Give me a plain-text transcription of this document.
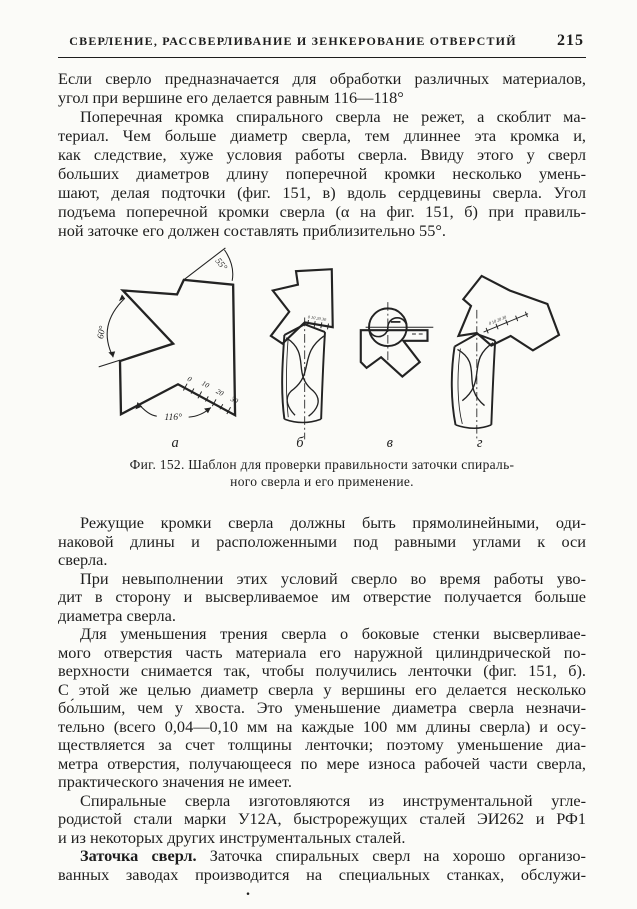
СВЕРЛЕНИЕ, РАССВЕРЛИВАНИЕ И ЗЕНКЕРОВАНИЕ ОТВЕРСТИЙ	215
Если сверло предназначается для обработки различных материалов,
угол при вершине его делается равным 116—118°
Поперечная кромка спирального сверла не режет, а скоблит ма-
териал. Чем больше диаметр сверла, тем длиннее эта кромка и,
как следствие, хуже условия работы сверла. Ввиду этого у сверл
больших диаметров длину поперечной кромки несколько умень-
шают, делая подточки (фиг. 151, в) вдоль сердцевины сверла. Угол
подъема поперечной кромки сверла (α на фиг. 151, б) при правиль-
ной заточке его должен составлять приблизительно 55°.
55°
60°
116°
0 10
20
30
а
0 10 20 30
б	в
0 10 20 30
г
Фиг. 152. Шаблон для проверки правильности заточки спираль-
ного сверла и его применение.
Режущие кромки сверла должны быть прямолинейными, оди-
наковой длины и расположенными под равными углами к оси
сверла.
При невыполнении этих условий сверло во время работы уво-
дит в сторону и высверливаемое им отверстие получается больше
диаметра сверла.
Для уменьшения трения сверла о боковые стенки высверливае-
мого отверстия часть материала его наружной цилиндрической по-
верхности снимается так, чтобы получились ленточки (фиг. 151, б).
С этой же целью диаметр сверла у вершины его делается несколько
бо́льшим, чем у хвоста. Это уменьшение диаметра сверла незначи-
тельно (всего 0,04—0,10 мм на каждые 100 мм длины сверла) и осу-
ществляется за счет толщины ленточки; поэтому уменьшение диа-
метра отверстия, получающееся по мере износа рабочей части сверла,
практического значения не имеет.
Спиральные сверла изготовляются из инструментальной угле-
родистой стали марки У12А, быстрорежущих сталей ЭИ262 и РФ1
и из некоторых других инструментальных сталей.
Заточка сверл. Заточка спиральных сверл на хорошо организо-
ванных заводах производится на специальных станках, обслужи-
.
